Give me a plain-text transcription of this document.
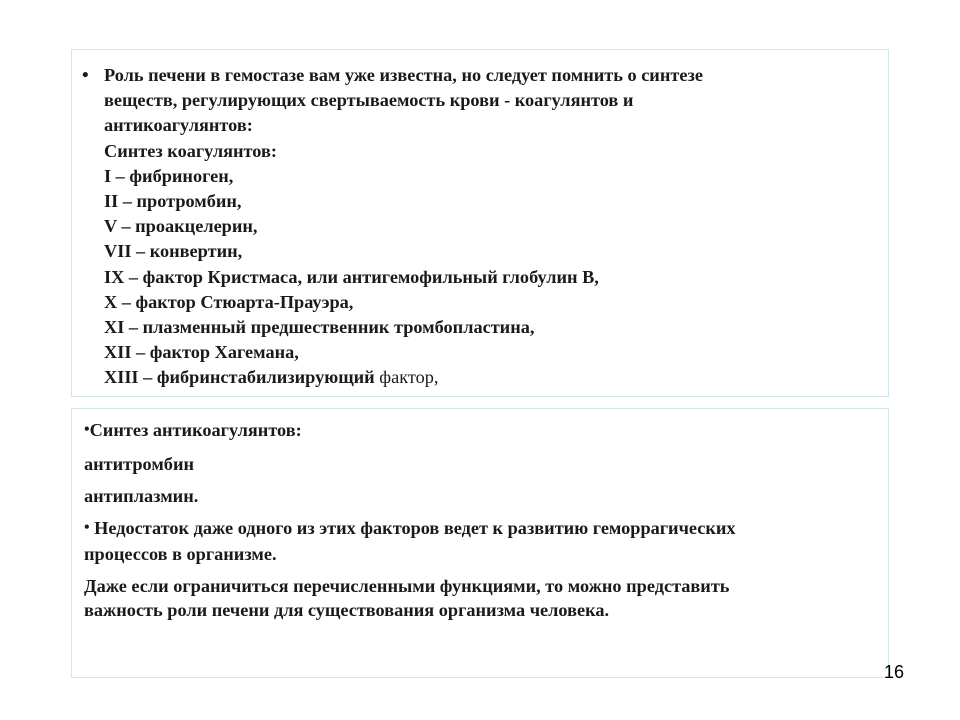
• Роль печени в гемостазе вам уже известна, но следует помнить о синтезе
веществ, регулирующих свертываемость крови - коагулянтов и
антикоагулянтов:
Синтез коагулянтов:
I – фибриноген,
II – протромбин,
V – проакцелерин,
VII – конвертин,
IX – фактор Кристмаса, или антигемофильный глобулин В,
X – фактор Стюарта-Прауэра,
XI – плазменный предшественник тромбопластина,
XII – фактор Хагемана,
XIII – фибринстабилизирующий фактор,
•Синтез антикоагулянтов:
антитромбин
антиплазмин.
• Недостаток даже одного из этих факторов ведет к развитию геморрагических
процессов в организме.
Даже если ограничиться перечисленными функциями, то можно представить
важность роли печени для существования организма человека.
16
